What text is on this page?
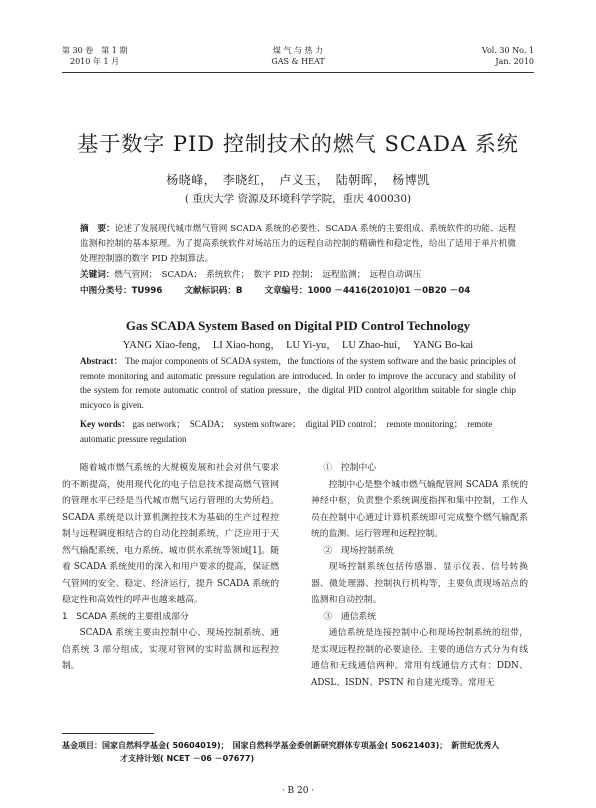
第 30 卷　第 1 期
2010 年 1 月
煤 气 与 热 力
GAS & HEAT
Vol. 30 No. 1
Jan. 2010
基于数字 PID 控制技术的燃气 SCADA 系统
杨晓峰，　李晓红，　卢义玉，　陆朝晖，　杨博凯
( 重庆大学 资源及环境科学学院，重庆 400030)
摘　要：论述了发展现代城市燃气管网 SCADA 系统的必要性、SCADA 系统的主要组成、系统软件的功能、远程监测和控制的基本原理。为了提高系统软件对场站压力的远程自动控制的精确性和稳定性，给出了适用于单片机微处理控制器的数字 PID 控制算法。
关键词：燃气管网；　SCADA；　系统软件；　数字 PID 控制；　远程监测；　远程自动调压
中图分类号：TU996	文献标识码：B	文章编号：1000 －4416(2010)01 －0B20 －04
Gas SCADA System Based on Digital PID Control Technology
YANG Xiao-feng，　LI Xiao-hong，　LU Yi-yu，　LU Zhao-hui，　YANG Bo-kai
Abstract： The major components of SCADA system，the functions of the system software and the basic principles of remote monitoring and automatic pressure regulation are introduced. In order to improve the accuracy and stability of the system for remote automatic control of station pressure，the digital PID control algorithm suitable for single chip micyoco is given.
Key words： gas network；　SCADA；　system software；　digital PID control；　remote monitoring；　remote automatic pressure regulation

随着城市燃气系统的大规模发展和社会对供气要求的不断提高，使用现代化的电子信息技术提高燃气管网的管理水平已经是当代城市燃气运行管理的大势所趋。SCADA 系统是以计算机测控技术为基础的生产过程控制与远程调度相结合的自动化控制系统，广泛应用于天然气输配系统、电力系统、城市供水系统等领域[1]。随着 SCADA 系统使用的深入和用户要求的提高，保证燃气管网的安全、稳定、经济运行，提升 SCADA 系统的稳定性和高效性的呼声也越来越高。

1　SCADA 系统的主要组成部分

SCADA 系统主要由控制中心、现场控制系统、通信系统 3 部分组成，实现对管网的实时监测和远程控制。

①　控制中心

控制中心是整个城市燃气输配管网 SCADA 系统的神经中枢，负责整个系统调度指挥和集中控制，工作人员在控制中心通过计算机系统即可完成整个燃气输配系统的监测、运行管理和远程控制。

②　现场控制系统

现场控制系统包括传感器、显示仪表、信号转换器、微处理器、控制执行机构等，主要负责现场站点的监测和自动控制。

③　通信系统

通信系统是连接控制中心和现场控制系统的纽带，是实现远程控制的必要途径。主要的通信方式分为有线通信和无线通信两种。常用有线通信方式有：DDN、ADSL、ISDN、PSTN 和自建光缆等。常用无

基金项目：国家自然科学基金( 50604019)；　国家自然科学基金委创新研究群体专项基金( 50621403)；　新世纪优秀人
才支持计划( NCET －06 －07677)
· B 20 ·
